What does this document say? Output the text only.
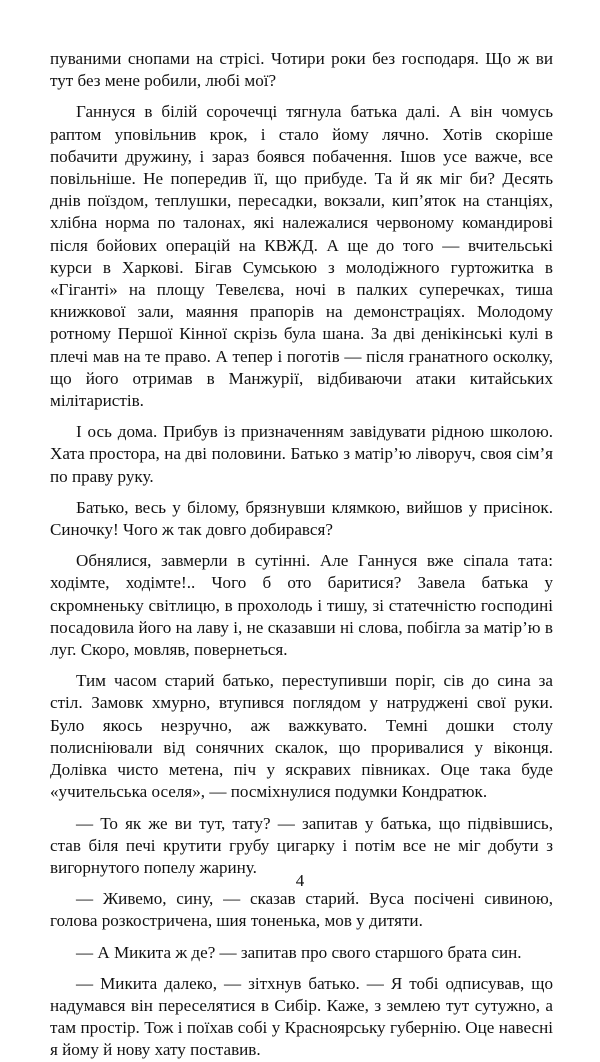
пуваними снопами на стрісі. Чотири роки без господаря. Що ж ви тут без мене робили, любі мої?

Ганнуся в білій сорочечці тягнула батька далі. А він чомусь раптом уповільнив крок, і стало йому лячно. Хотів скоріше побачити дружину, і зараз боявся побачення. Ішов усе важче, все повільніше. Не попередив її, що прибуде. Та й як міг би? Десять днів поїздом, теплушки, пересадки, вокзали, кип’яток на станціях, хлібна норма по талонах, які належалися червоному командирові після бойових операцій на КВЖД. А ще до того — вчительські курси в Харкові. Бігав Сумською з молодіжного гуртожитка в «Гіганті» на площу Тевелєва, ночі в палких суперечках, тиша книжкової зали, маяння прапорів на демонстраціях. Молодому ротному Першої Кінної скрізь була шана. За дві денікінські кулі в плечі мав на те право. А тепер і поготів — після гранатного осколку, що його отримав в Манжурії, відбиваючи атаки китайських мілітаристів.

І ось дома. Прибув із призначенням завідувати рідною школою. Хата простора, на дві половини. Батько з матір’ю ліворуч, своя сім’я по праву руку.

Батько, весь у білому, брязнувши клямкою, вийшов у присінок. Синочку! Чого ж так довго добирався?

Обнялися, завмерли в сутінні. Але Ганнуся вже сіпала тата: ходімте, ходімте!.. Чого б ото баритися? Завела батька у скромненьку світлицю, в прохолодь і тишу, зі статечністю господині посадовила його на лаву і, не сказавши ні слова, побігла за матір’ю в луг. Скоро, мовляв, повернеться.

Тим часом старий батько, переступивши поріг, сів до сина за стіл. Замовк хмурно, втупився поглядом у натруджені свої руки. Було якось незручно, аж важкувато. Темні дошки столу полисніювали від сонячних скалок, що проривалися у віконця. Долівка чисто метена, піч у яскравих півниках. Оце така буде «учительська оселя», — посміхнулися подумки Кондратюк.

— То як же ви тут, тату? — запитав у батька, що підвівшись, став біля печі крутити грубу цигарку і потім все не міг добути з вигорнутого попелу жарину.

— Живемо, сину, — сказав старий. Вуса посічені сивиною, голова розкостричена, шия тоненька, мов у дитяти.

— А Микита ж де? — запитав про свого старшого брата син.

— Микита далеко, — зітхнув батько. — Я тобі одписував, що надумався він переселятися в Сибір. Каже, з землею тут сутужно, а там простір. Тож і поїхав собі у Красноярську губернію. Оце навесні я йому й нову хату поставив.

4
